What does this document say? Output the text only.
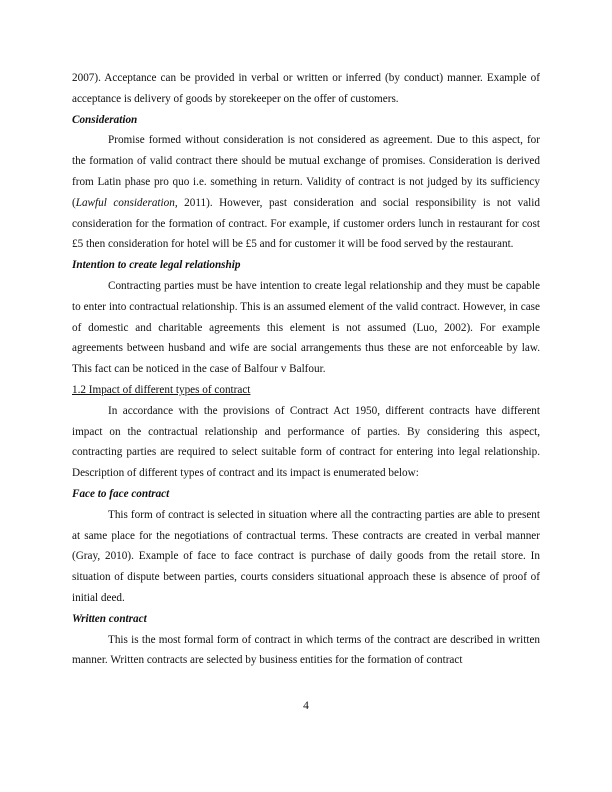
2007). Acceptance can be provided in verbal or written or inferred (by conduct) manner. Example of acceptance is delivery of goods by storekeeper on the offer of customers.

Consideration

Promise formed without consideration is not considered as agreement. Due to this aspect, for the formation of valid contract there should be mutual exchange of promises. Consideration is derived from Latin phase pro quo i.e. something in return. Validity of contract is not judged by its sufficiency (Lawful consideration, 2011). However, past consideration and social responsibility is not valid consideration for the formation of contract. For example, if customer orders lunch in restaurant for cost £5 then consideration for hotel will be £5 and for customer it will be food served by the restaurant.

Intention to create legal relationship

Contracting parties must be have intention to create legal relationship and they must be capable to enter into contractual relationship. This is an assumed element of the valid contract. However, in case of domestic and charitable agreements this element is not assumed (Luo, 2002). For example agreements between husband and wife are social arrangements thus these are not enforceable by law. This fact can be noticed in the case of Balfour v Balfour.

1.2 Impact of different types of contract

In accordance with the provisions of Contract Act 1950, different contracts have different impact on the contractual relationship and performance of parties. By considering this aspect, contracting parties are required to select suitable form of contract for entering into legal relationship. Description of different types of contract and its impact is enumerated below:

Face to face contract

This form of contract is selected in situation where all the contracting parties are able to present at same place for the negotiations of contractual terms. These contracts are created in verbal manner (Gray, 2010). Example of face to face contract is purchase of daily goods from the retail store. In situation of dispute between parties, courts considers situational approach these is absence of proof of initial deed.

Written contract

This is the most formal form of contract in which terms of the contract are described in written manner. Written contracts are selected by business entities for the formation of contract

4
